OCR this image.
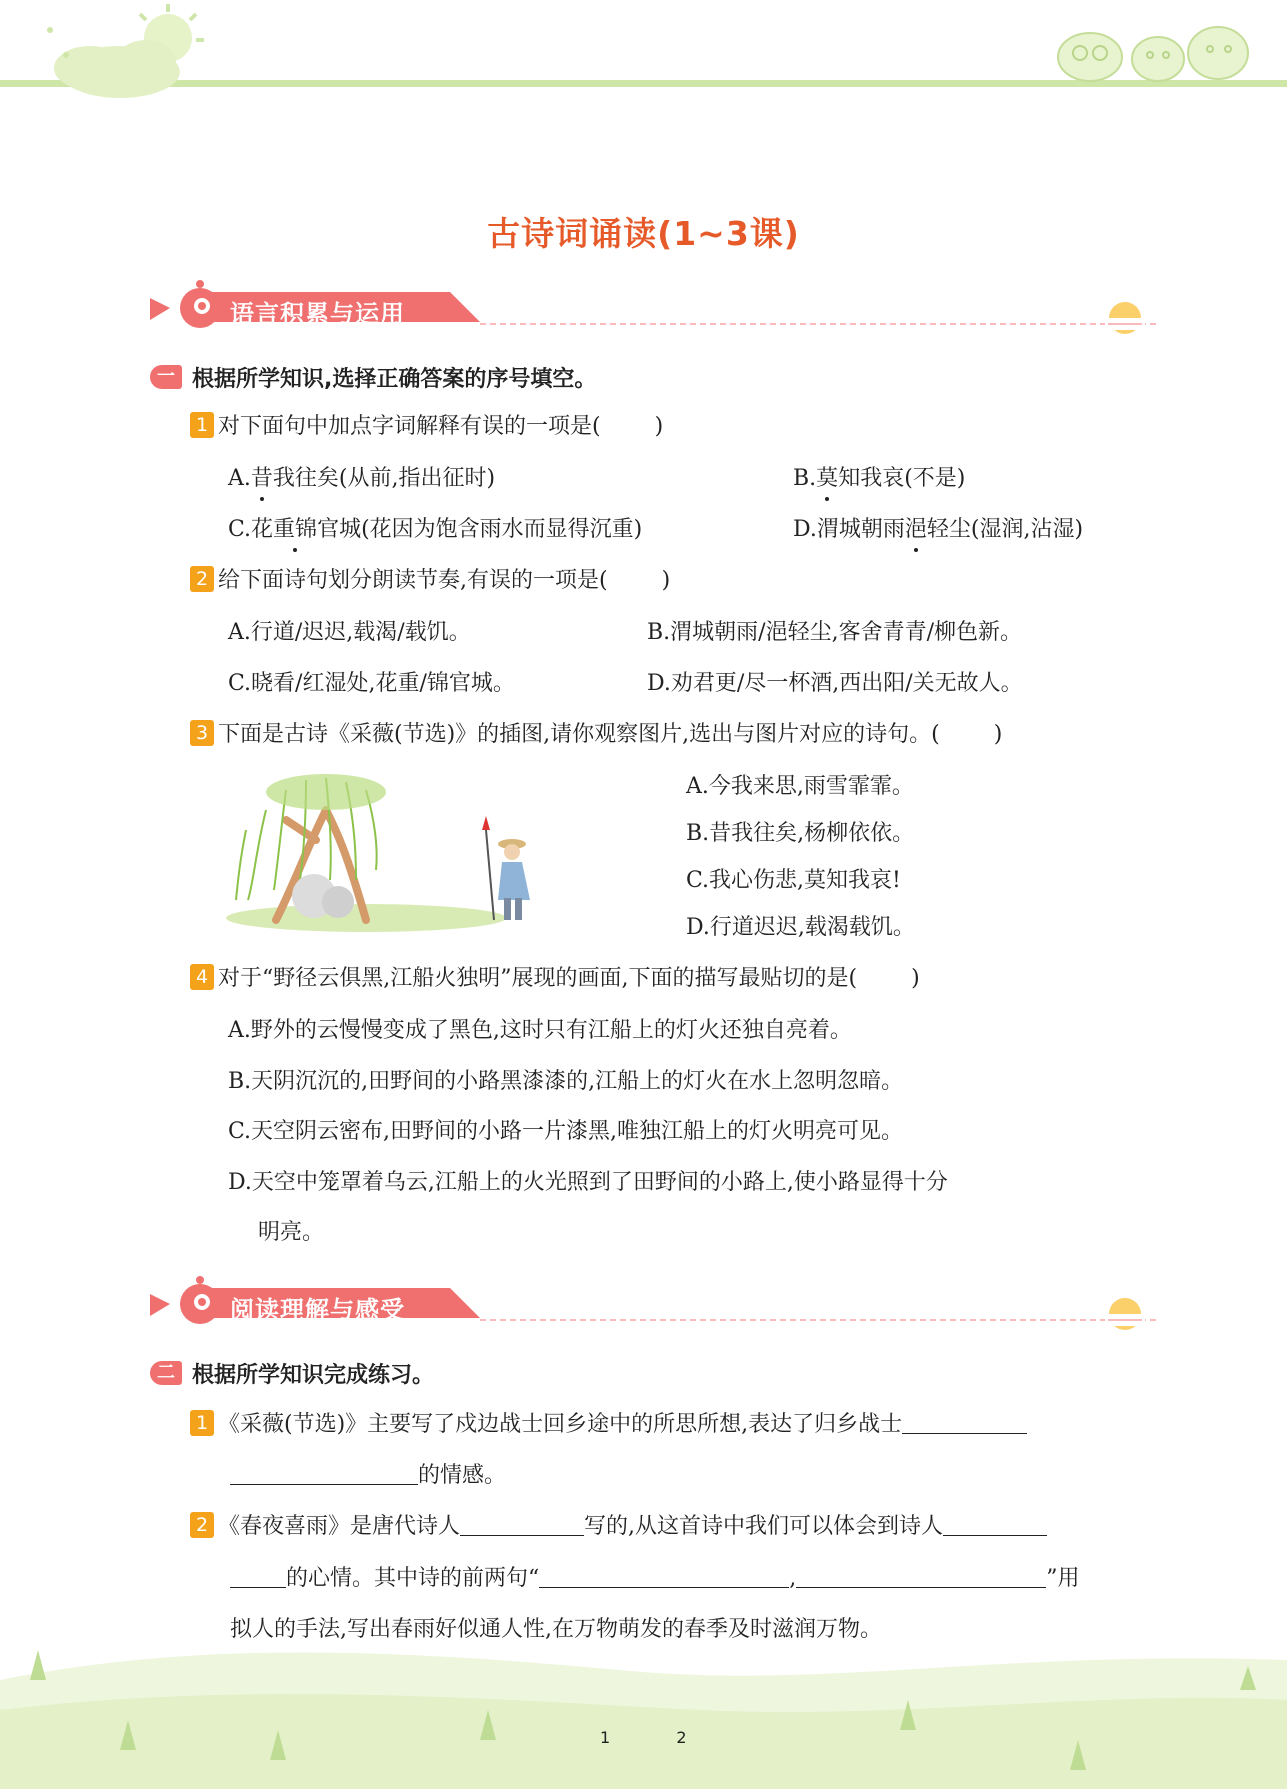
古诗词诵读(1~3课)
语言积累与运用
一 根据所学知识,选择正确答案的序号填空。
1 对下面句中加点字词解释有误的一项是( )
A.昔我往矣(从前,指出征时)	B.莫知我哀(不是)
C.花重锦官城(花因为饱含雨水而显得沉重)	D.渭城朝雨浥轻尘(湿润,沾湿)
2 给下面诗句划分朗读节奏,有误的一项是( )
A.行道/迟迟,载渴/载饥。	B.渭城朝雨/浥轻尘,客舍青青/柳色新。
C.晓看/红湿处,花重/锦官城。	D.劝君更/尽一杯酒,西出阳/关无故人。
3 下面是古诗《采薇(节选)》的插图,请你观察图片,选出与图片对应的诗句。( )
A.今我来思,雨雪霏霏。
B.昔我往矣,杨柳依依。
C.我心伤悲,莫知我哀!
D.行道迟迟,载渴载饥。
4 对于“野径云俱黑,江船火独明”展现的画面,下面的描写最贴切的是( )
A.野外的云慢慢变成了黑色,这时只有江船上的灯火还独自亮着。
B.天阴沉沉的,田野间的小路黑漆漆的,江船上的灯火在水上忽明忽暗。
C.天空阴云密布,田野间的小路一片漆黑,唯独江船上的灯火明亮可见。
D.天空中笼罩着乌云,江船上的火光照到了田野间的小路上,使小路显得十分
明亮。
阅读理解与感受
二 根据所学知识完成练习。
1 《采薇(节选)》主要写了戍边战士回乡途中的所思所想,表达了归乡战士
的情感。
2 《春夜喜雨》是唐代诗人	写的,从这首诗中我们可以体会到诗人
的心情。其中诗的前两句“	,	”用
拟人的手法,写出春雨好似通人性,在万物萌发的春季及时滋润万物。
1	2
